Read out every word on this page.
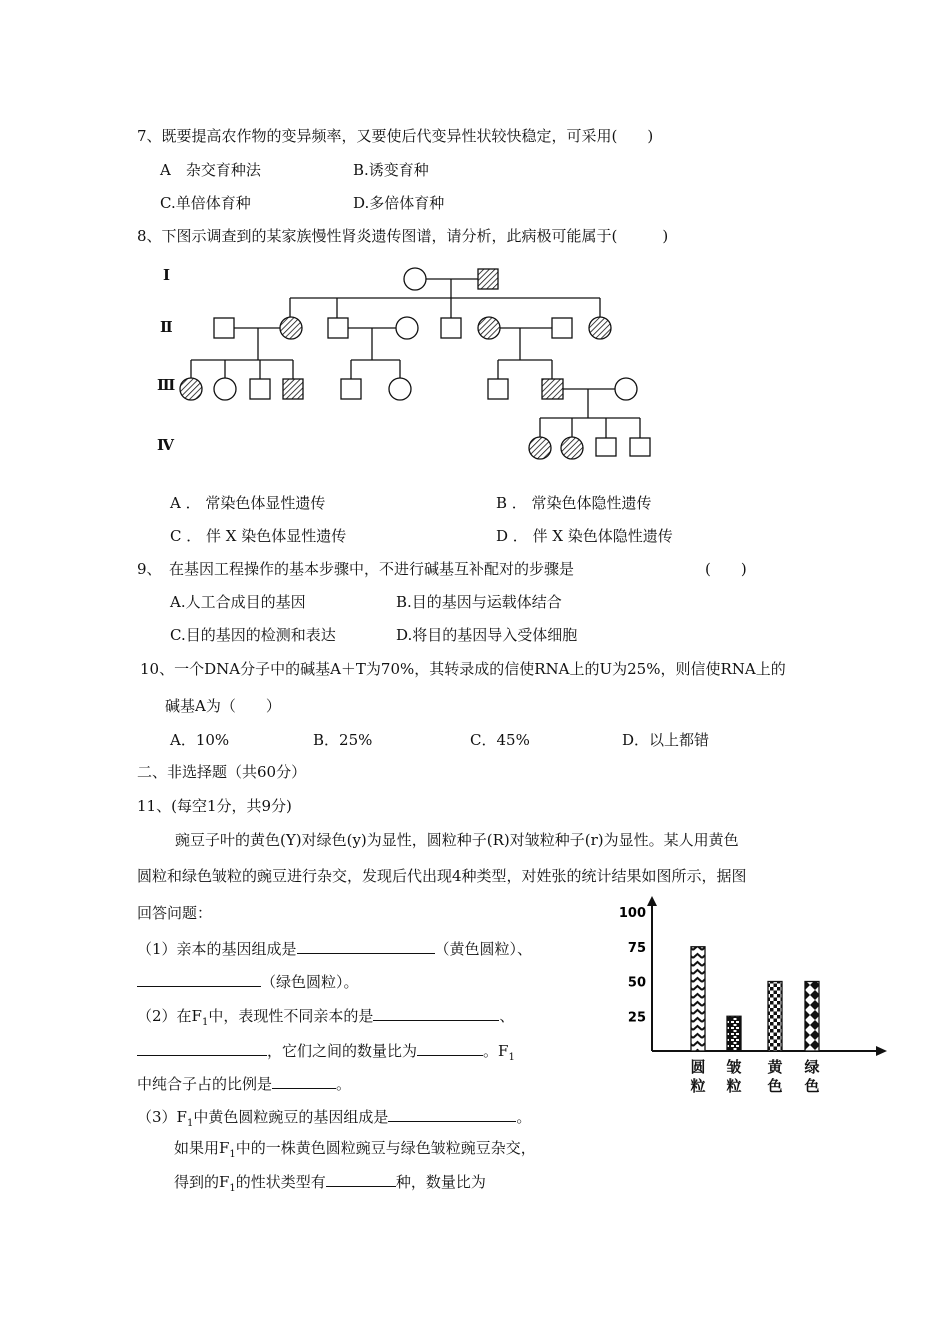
7、既要提高农作物的变异频率，又要使后代变异性状较快稳定，可采用(　　)
A　杂交育种法	B.诱变育种
C.单倍体育种	D.多倍体育种
8、下图示调查到的某家族慢性肾炎遗传图谱，请分析，此病极可能属于(　　　)
Ⅰ
Ⅱ
Ⅲ
Ⅳ
100
75
50
25
A ． 常染色体显性遗传	B ． 常染色体隐性遗传
C ． 伴 X 染色体显性遗传	D ． 伴 X 染色体隐性遗传
9、　在基因工程操作的基本步骤中，不进行碱基互补配对的步骤是	(　　)
A.人工合成目的基因	B.目的基因与运载体结合
C.目的基因的检测和表达	D.将目的基因导入受体细胞
10、一个DNA分子中的碱基A＋T为70%，其转录成的信使RNA上的U为25%，则信使RNA上的
碱基A为（　　）
A．10%	B．25%	C．45%	D．以上都错
二、非选择题（共60分）
11、(每空1分，共9分)
豌豆子叶的黄色(Y)对绿色(y)为显性，圆粒种子(R)对皱粒种子(r)为显性。某人用黄色
圆粒和绿色皱粒的豌豆进行杂交，发现后代出现4种类型，对姓张的统计结果如图所示，据图
回答问题：
（1）亲本的基因组成是	（黄色圆粒）、
（绿色圆粒）。
（2）在$F_1$中，表现性不同亲本的是	、
，它们之间的数量比为	。$F_1$
中纯合子占的比例是	。
$(3)F_1$中黄色圆粒豌豆的基因组成是	。
如果用$F_1$中的一株黄色圆粒豌豆与绿色皱粒豌豆杂交，
得到的$F_1$的性状类型有	种，数量比为
圆粒
皱粒
黄色
绿色
